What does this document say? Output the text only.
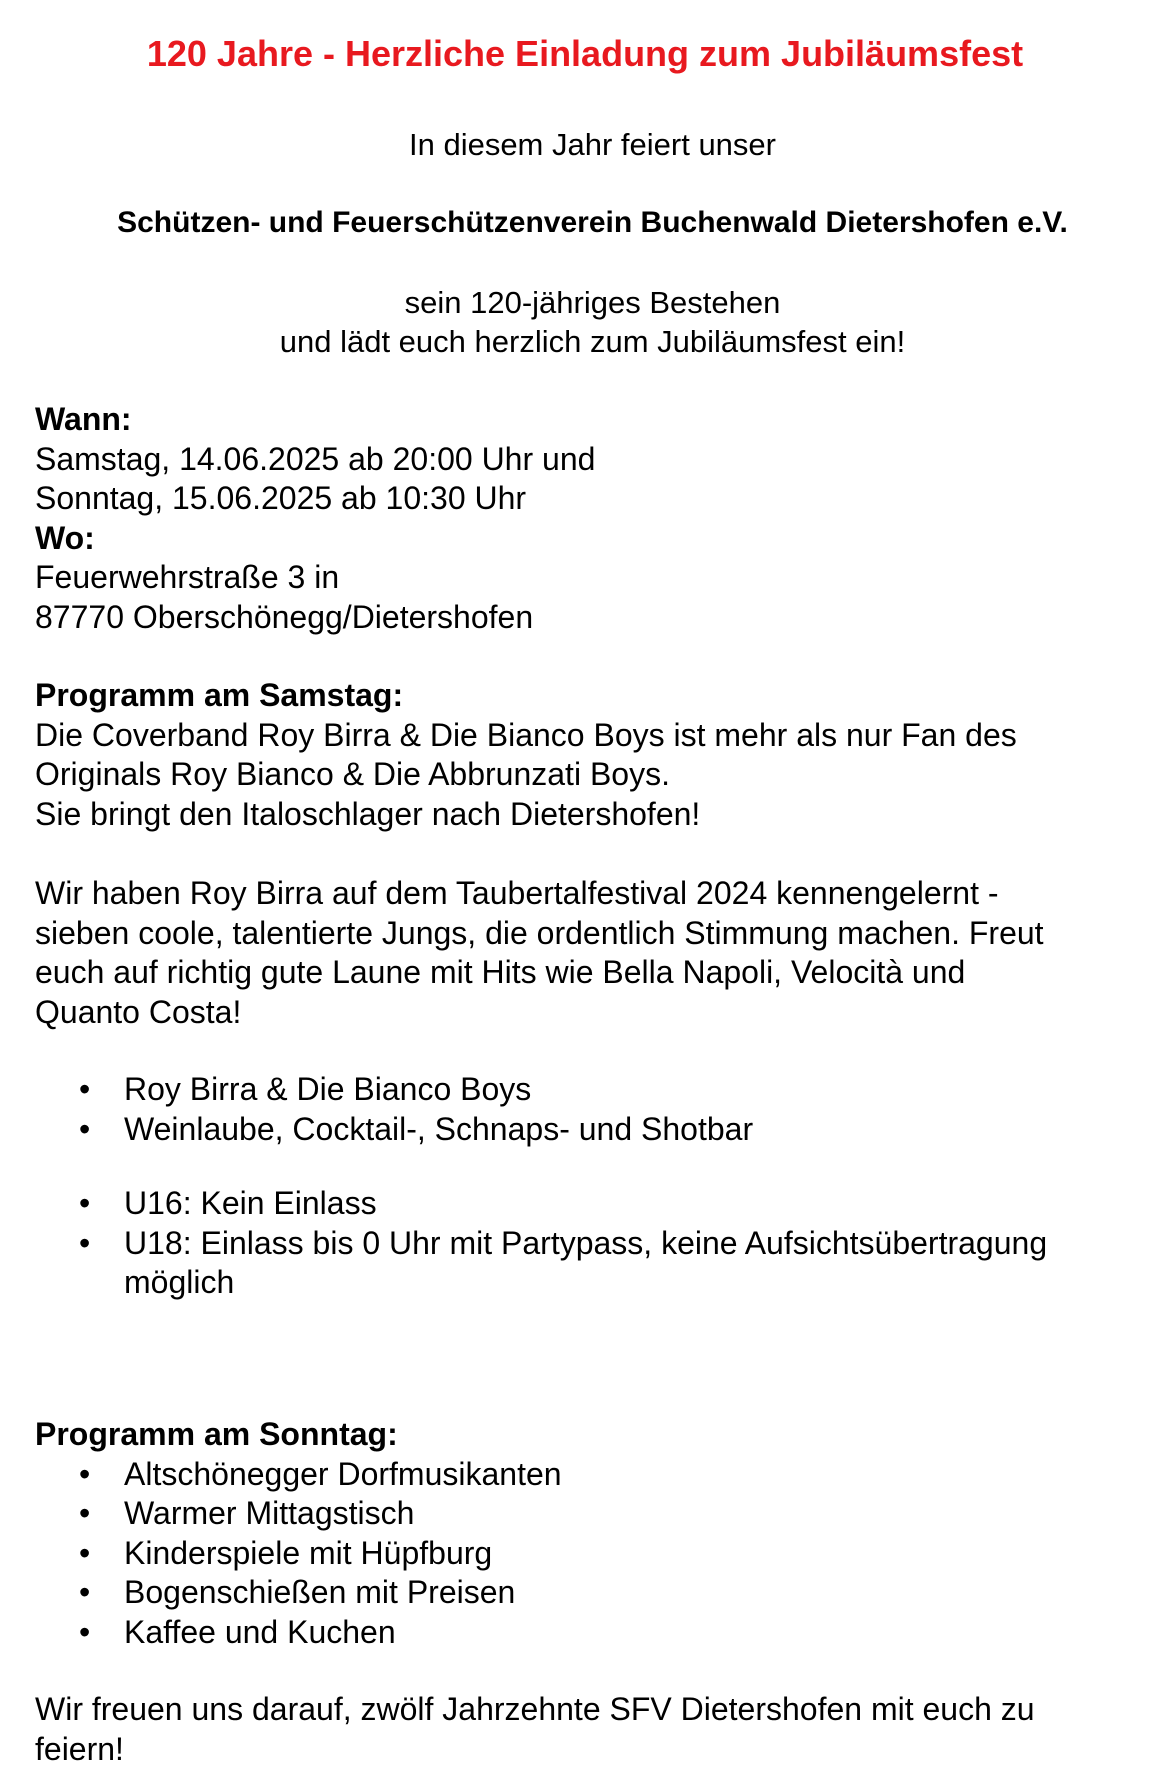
120 Jahre - Herzliche Einladung zum Jubiläumsfest
In diesem Jahr feiert unser
Schützen- und Feuerschützenverein Buchenwald Dietershofen e.V.
sein 120-jähriges Bestehen
und lädt euch herzlich zum Jubiläumsfest ein!
Wann:
Samstag, 14.06.2025 ab 20:00 Uhr und
Sonntag, 15.06.2025 ab 10:30 Uhr
Wo:
Feuerwehrstraße 3 in
87770 Oberschönegg/Dietershofen
Programm am Samstag:
Die Coverband Roy Birra & Die Bianco Boys ist mehr als nur Fan des
Originals Roy Bianco & Die Abbrunzati Boys.
Sie bringt den Italoschlager nach Dietershofen!
Wir haben Roy Birra auf dem Taubertalfestival 2024 kennengelernt -
sieben coole, talentierte Jungs, die ordentlich Stimmung machen. Freut
euch auf richtig gute Laune mit Hits wie Bella Napoli, Velocità und
Quanto Costa!
• Roy Birra & Die Bianco Boys
• Weinlaube, Cocktail-, Schnaps- und Shotbar
• U16: Kein Einlass
• U18: Einlass bis 0 Uhr mit Partypass, keine Aufsichtsübertragung möglich
Programm am Sonntag:
• Altschönegger Dorfmusikanten
• Warmer Mittagstisch
• Kinderspiele mit Hüpfburg
• Bogenschießen mit Preisen
• Kaffee und Kuchen
Wir freuen uns darauf, zwölf Jahrzehnte SFV Dietershofen mit euch zu
feiern!
